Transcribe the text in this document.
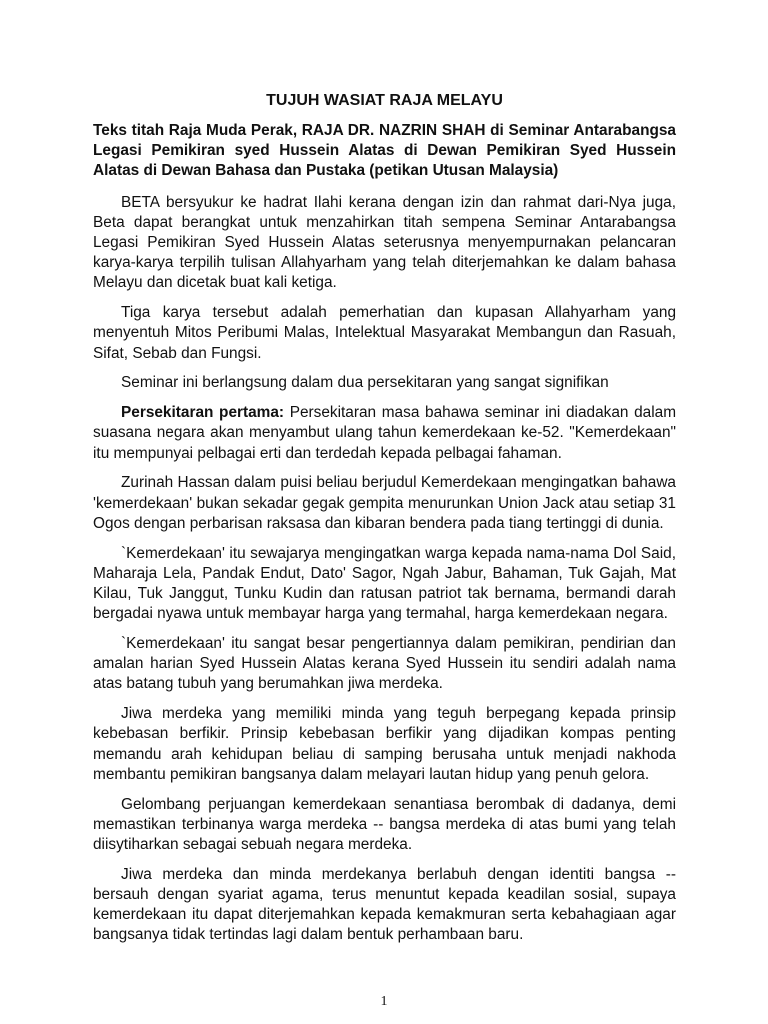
TUJUH WASIAT RAJA MELAYU
Teks titah Raja Muda Perak, RAJA DR. NAZRIN SHAH di Seminar Antarabangsa Legasi Pemikiran syed Hussein Alatas di Dewan Pemikiran Syed Hussein Alatas di Dewan Bahasa dan Pustaka (petikan Utusan Malaysia)

BETA bersyukur ke hadrat Ilahi kerana dengan izin dan rahmat dari-Nya juga, Beta dapat berangkat untuk menzahirkan titah sempena Seminar Antarabangsa Legasi Pemikiran Syed Hussein Alatas seterusnya menyempurnakan pelancaran karya-karya terpilih tulisan Allahyarham yang telah diterjemahkan ke dalam bahasa Melayu dan dicetak buat kali ketiga.

Tiga karya tersebut adalah pemerhatian dan kupasan Allahyarham yang menyentuh Mitos Peribumi Malas, Intelektual Masyarakat Membangun dan Rasuah, Sifat, Sebab dan Fungsi.

Seminar ini berlangsung dalam dua persekitaran yang sangat signifikan

Persekitaran pertama: Persekitaran masa bahawa seminar ini diadakan dalam suasana negara akan menyambut ulang tahun kemerdekaan ke-52. "Kemerdekaan" itu mempunyai pelbagai erti dan terdedah kepada pelbagai fahaman.

Zurinah Hassan dalam puisi beliau berjudul Kemerdekaan mengingatkan bahawa 'kemerdekaan' bukan sekadar gegak gempita menurunkan Union Jack atau setiap 31 Ogos dengan perbarisan raksasa dan kibaran bendera pada tiang tertinggi di dunia.

`Kemerdekaan' itu sewajarya mengingatkan warga kepada nama-nama Dol Said, Maharaja Lela, Pandak Endut, Dato' Sagor, Ngah Jabur, Bahaman, Tuk Gajah, Mat Kilau, Tuk Janggut, Tunku Kudin dan ratusan patriot tak bernama, bermandi darah bergadai nyawa untuk membayar harga yang termahal, harga kemerdekaan negara.

`Kemerdekaan' itu sangat besar pengertiannya dalam pemikiran, pendirian dan amalan harian Syed Hussein Alatas kerana Syed Hussein itu sendiri adalah nama atas batang tubuh yang berumahkan jiwa merdeka.

Jiwa merdeka yang memiliki minda yang teguh berpegang kepada prinsip kebebasan berfikir. Prinsip kebebasan berfikir yang dijadikan kompas penting memandu arah kehidupan beliau di samping berusaha untuk menjadi nakhoda membantu pemikiran bangsanya dalam melayari lautan hidup yang penuh gelora.

Gelombang perjuangan kemerdekaan senantiasa berombak di dadanya, demi memastikan terbinanya warga merdeka -- bangsa merdeka di atas bumi yang telah diisytiharkan sebagai sebuah negara merdeka.

Jiwa merdeka dan minda merdekanya berlabuh dengan identiti bangsa -- bersauh dengan syariat agama, terus menuntut kepada keadilan sosial, supaya kemerdekaan itu dapat diterjemahkan kepada kemakmuran serta kebahagiaan agar bangsanya tidak tertindas lagi dalam bentuk perhambaan baru.

1
